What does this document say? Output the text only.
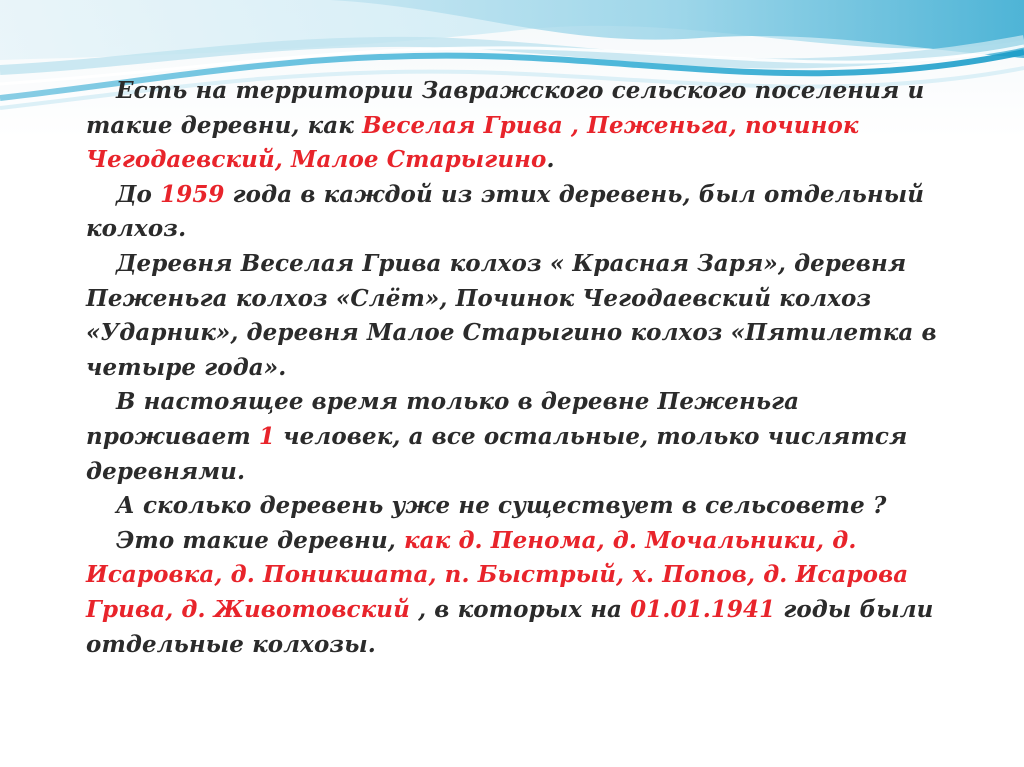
Есть на территории Завражского сельского поселения и такие деревни, как Веселая Грива , Пеженьга, починок Чегодаевский, Малое Старыгино.

До 1959 года в каждой из этих деревень, был отдельный колхоз.

Деревня Веселая Грива колхоз « Красная Заря», деревня Пеженьга колхоз «Слёт», Починок Чегодаевский колхоз «Ударник», деревня Малое Старыгино колхоз «Пятилетка в четыре года».

В настоящее время только в деревне Пеженьга проживает 1 человек, а все остальные, только числятся деревнями.

А сколько деревень уже не существует в сельсовете ?

Это такие деревни, как д. Пенома, д. Мочальники, д. Исаровка, д. Поникшата, п. Быстрый, х. Попов, д. Исарова Грива, д. Животовский , в которых на 01.01.1941 годы были отдельные колхозы.
